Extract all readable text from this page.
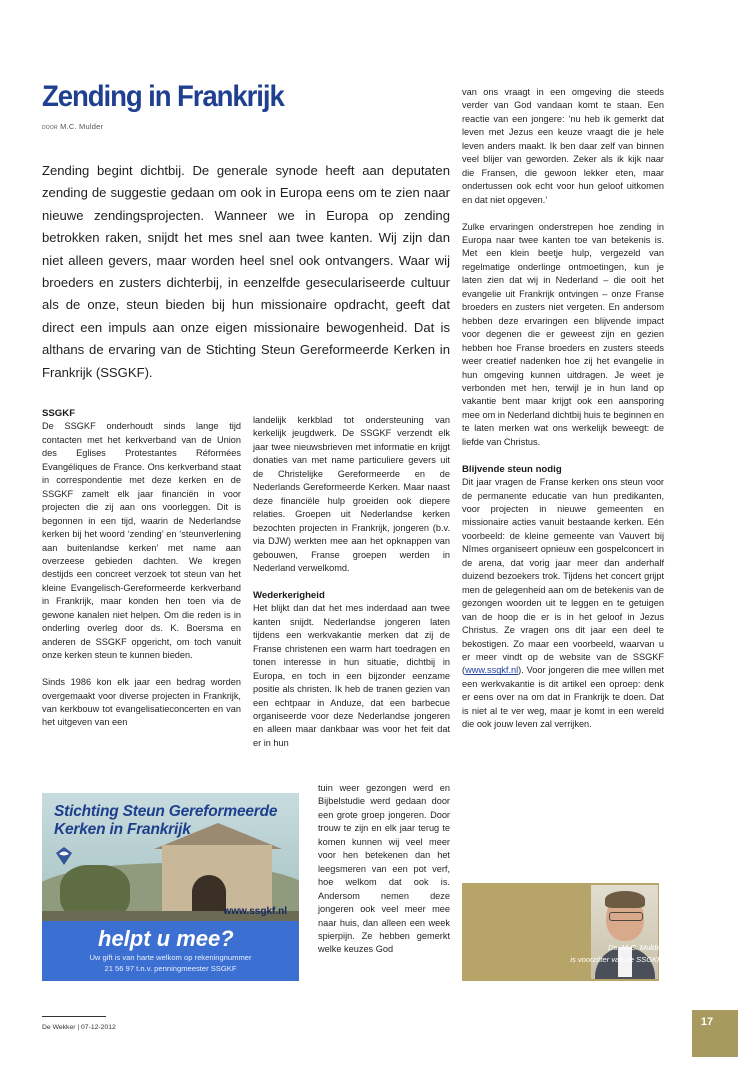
Zending in Frankrijk
door M.C. Mulder

Zending begint dichtbij. De generale synode heeft aan deputaten zending de suggestie gedaan om ook in Europa eens om te zien naar nieuwe zendingsprojecten. Wanneer we in Europa op zending betrokken raken, snijdt het mes snel aan twee kanten. Wij zijn dan niet alleen gevers, maar worden heel snel ook ontvangers. Waar wij broeders en zusters dichterbij, in eenzelfde geseculariseerde cultuur als de onze, steun bieden bij hun missionaire opdracht, geeft dat direct een impuls aan onze eigen missionaire bewogenheid. Dat is althans de ervaring van de Stichting Steun Gereformeerde Kerken in Frankrijk (SSGKF).

SSGKF

De SSGKF onderhoudt sinds lange tijd contacten met het kerkverband van de Union des Eglises Protestantes Réformées Evangéliques de France. Ons kerkverband staat in correspondentie met deze kerken en de SSGKF zamelt elk jaar financiën in voor projecten die zij aan ons voorleggen. Dit is begonnen in een tijd, waarin de Nederlandse kerken bij het woord ‘zending’ en ‘steunverlening aan buitenlandse kerken’ met name aan overzeese gebieden dachten. We kregen destijds een concreet verzoek tot steun van het kleine Evangelisch-Gereformeerde kerkverband in Frankrijk, maar konden hen toen via de gewone kanalen niet helpen. Om die reden is in onderling overleg door ds. K. Boersma en anderen de SSGKF opgericht, om toch vanuit onze kerken steun te kunnen bieden.

Sinds 1986 kon elk jaar een bedrag worden overgemaakt voor diverse projecten in Frankrijk, van kerkbouw tot evangelisatieconcerten en van het uitgeven van een

landelijk kerkblad tot ondersteuning van kerkelijk jeugdwerk. De SSGKF verzendt elk jaar twee nieuwsbrieven met informatie en krijgt donaties van met name particuliere gevers uit de Christelijke Gereformeerde en de Nederlands Gereformeerde Kerken. Maar naast deze financiële hulp groeiden ook diepere relaties. Groepen uit Nederlandse kerken bezochten projecten in Frankrijk, jongeren (b.v. via DJW) werkten mee aan het opknappen van gebouwen, Franse groepen werden in Nederland verwelkomd.

Wederkerigheid

Het blijkt dan dat het mes inderdaad aan twee kanten snijdt. Nederlandse jongeren laten tijdens een werkvakantie merken dat zij de Franse christenen een warm hart toedragen en tonen interesse in hun situatie, dichtbij in Europa, en toch in een bijzonder eenzame positie als christen. Ik heb de tranen gezien van een echtpaar in Anduze, dat een barbecue organiseerde voor deze Nederlandse jongeren en alleen maar dankbaar was voor het feit dat er in hun

tuin weer gezongen werd en Bijbelstudie werd gedaan door een grote groep jongeren. Door trouw te zijn en elk jaar terug te komen kunnen wij veel meer voor hen betekenen dan het leegsmeren van een pot verf, hoe welkom dat ook is. Andersom nemen deze jongeren ook veel meer mee naar huis, dan alleen een week spierpijn. Ze hebben gemerkt welke keuzes God

van ons vraagt in een omgeving die steeds verder van God vandaan komt te staan. Een reactie van een jongere: ‘nu heb ik gemerkt dat leven met Jezus een keuze vraagt die je hele leven anders maakt. Ik ben daar zelf van binnen veel blijer van geworden. Zeker als ik kijk naar die Fransen, die gewoon lekker eten, maar ondertussen ook echt voor hun geloof uitkomen en dat niet opgeven.’

Zulke ervaringen onderstrepen hoe zending in Europa naar twee kanten toe van betekenis is. Met een klein beetje hulp, vergezeld van regelmatige onderlinge ontmoetingen, kun je laten zien dat wij in Nederland – die ooit het evangelie uit Frankrijk ontvingen – onze Franse broeders en zusters niet vergeten. En andersom hebben deze ervaringen een blijvende impact voor degenen die er geweest zijn en gezien hebben hoe Franse broeders en zusters steeds weer creatief nadenken hoe zij het evangelie in hun omgeving kunnen uitdragen. Je weet je verbonden met hen, terwijl je in hun land op vakantie bent maar krijgt ook een aansporing mee om in Nederland dichtbij huis te beginnen en te laten merken wat ons werkelijk beweegt: de liefde van Christus.

Blijvende steun nodig

Dit jaar vragen de Franse kerken ons steun voor de permanente educatie van hun predikanten, voor projecten in nieuwe gemeenten en missionaire acties vanuit bestaande kerken. Eén voorbeeld: de kleine gemeente van Vauvert bij Nîmes organiseert opnieuw een gospelconcert in de arena, dat vorig jaar meer dan anderhalf duizend bezoekers trok. Tijdens het concert grijpt men de gelegenheid aan om de betekenis van de gezongen woorden uit te leggen en te getuigen van de hoop die er is in het geloof in Jezus Christus. Ze vragen ons dit jaar een deel te bekostigen. Zo maar een voorbeeld, waarvan u er meer vindt op de website van de SSGKF (www.ssgkf.nl). Voor jongeren die mee willen met een werkvakantie is dit artikel een oproep: denk er eens over na om dat in Frankrijk te doen. Dat is niet al te ver weg, maar je komt in een wereld die ook jouw leven zal verrijken.

Stichting Steun Gereformeerde
Kerken in Frankrijk
www.ssgkf.nl
helpt u mee?
Uw gift is van harte welkom op rekeningnummer
21 56 97 t.n.v. penningmeester SSGKF
Ds. M.C. Mulder
is voorzitter van de SSGKF.
De Wekker | 07-12-2012	17
